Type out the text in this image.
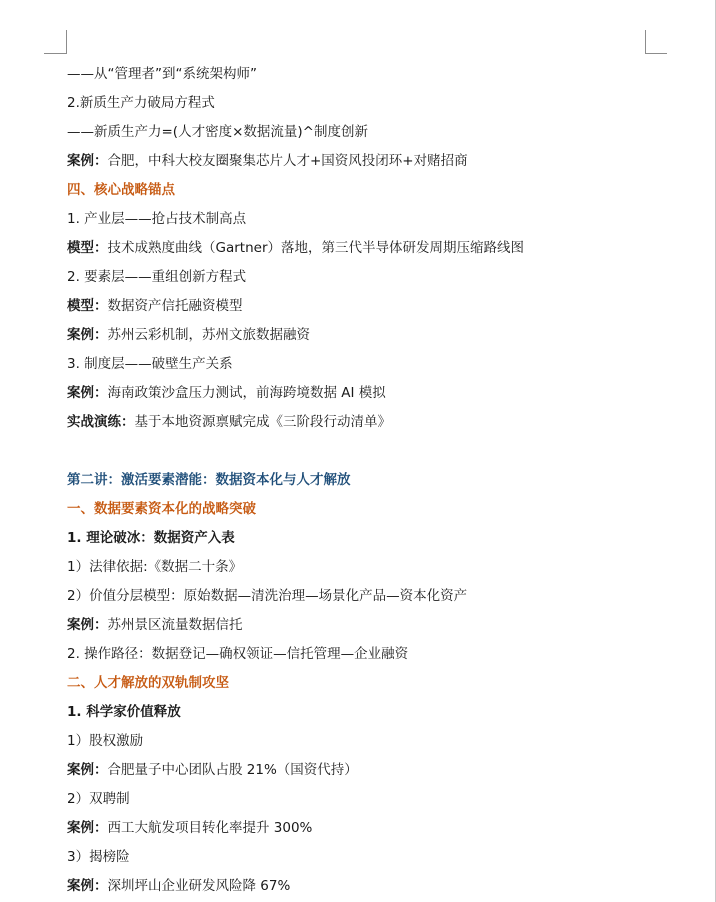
——从“管理者”到“系统架构师”
2.新质生产力破局方程式
——新质生产力=(人才密度×数据流量)^制度创新
案例：合肥，中科大校友圈聚集芯片人才+国资风投闭环+对赌招商
四、核心战略锚点
1. 产业层——抢占技术制高点
模型：技术成熟度曲线（Gartner）落地，第三代半导体研发周期压缩路线图
2. 要素层——重组创新方程式
模型：数据资产信托融资模型
案例：苏州云彩机制，苏州文旅数据融资
3. 制度层——破壁生产关系
案例：海南政策沙盒压力测试，前海跨境数据 AI 模拟
实战演练：基于本地资源禀赋完成《三阶段行动清单》
第二讲：激活要素潜能：数据资本化与人才解放
一、数据要素资本化的战略突破
1. 理论破冰：数据资产入表
1）法律依据:《数据二十条》
2）价值分层模型：原始数据—清洗治理—场景化产品—资本化资产
案例：苏州景区流量数据信托
2. 操作路径：数据登记—确权领证—信托管理—企业融资
二、人才解放的双轨制攻坚
1. 科学家价值释放
1）股权激励
案例：合肥量子中心团队占股 21%（国资代持）
2）双聘制
案例：西工大航发项目转化率提升 300%
3）揭榜险
案例：深圳坪山企业研发风险降 67%
